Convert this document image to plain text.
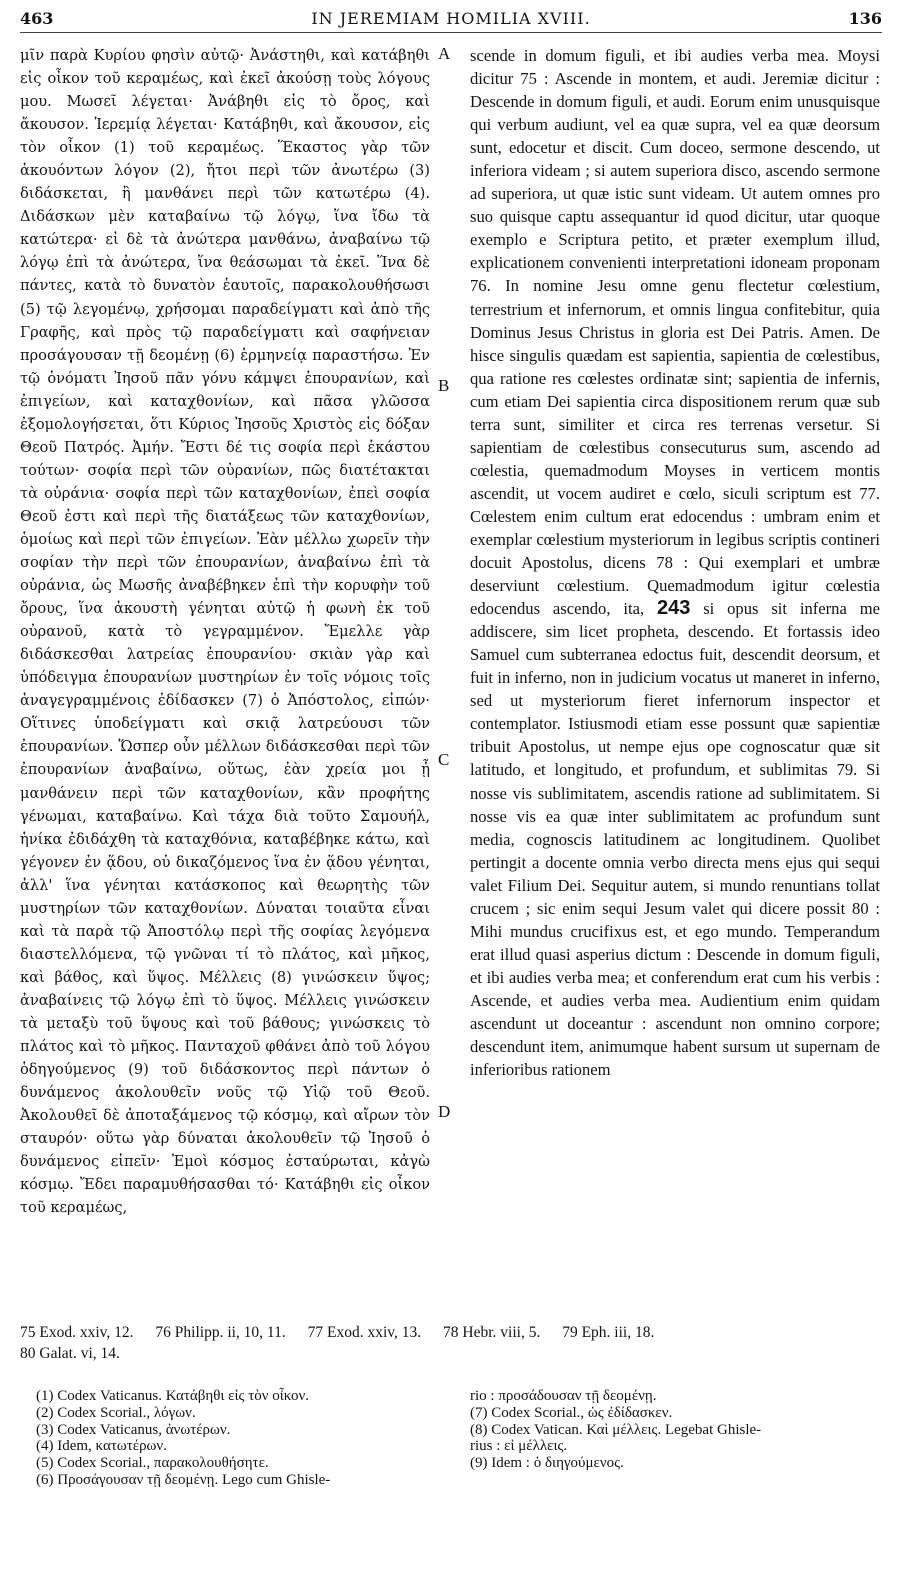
463	IN JEREMIAM HOMILIA XVIII.	136

μῖν παρὰ Κυρίου φησὶν αὐτῷ· Ἀνάστηθι, καὶ κατάβηθι εἰς οἶκον τοῦ κεραμέως, καὶ ἐκεῖ ἀκούσῃ τοὺς λόγους μου. Μωσεῖ λέγεται· Ἀνάβηθι εἰς τὸ ὄρος, καὶ ἄκουσον. Ἱερεμίᾳ λέγεται· Κατάβηθι, καὶ ἄκουσον, εἰς τὸν οἶκον (1) τοῦ κεραμέως. Ἕκαστος γὰρ τῶν ἀκουόντων λόγον (2), ἤτοι περὶ τῶν ἀνωτέρω (3) διδάσκεται, ἢ μανθάνει περὶ τῶν κατωτέρω (4). Διδάσκων μὲν καταβαίνω τῷ λόγῳ, ἵνα ἴδω τὰ κατώτερα· εἰ δὲ τὰ ἀνώτερα μανθάνω, ἀναβαίνω τῷ λόγῳ ἐπὶ τὰ ἀνώτερα, ἵνα θεάσωμαι τὰ ἐκεῖ. Ἵνα δὲ πάντες, κατὰ τὸ δυνατὸν ἑαυτοῖς, παρακολουθήσωσι (5) τῷ λεγομένῳ, χρήσομαι παραδείγματι καὶ ἀπὸ τῆς Γραφῆς, καὶ πρὸς τῷ παραδείγματι καὶ σαφήνειαν προσάγουσαν τῇ δεομένῃ (6) ἑρμηνείᾳ παραστήσω. Ἐν τῷ ὀνόματι Ἰησοῦ πᾶν γόνυ κάμψει ἐπουρανίων, καὶ ἐπιγείων, καὶ καταχθονίων, καὶ πᾶσα γλῶσσα ἐξομολογήσεται, ὅτι Κύριος Ἰησοῦς Χριστὸς εἰς δόξαν Θεοῦ Πατρός. Ἀμήν. Ἔστι δέ τις σοφία περὶ ἑκάστου τούτων· σοφία περὶ τῶν οὐρανίων, πῶς διατέτακται τὰ οὐράνια· σοφία περὶ τῶν καταχθονίων, ἐπεὶ σοφία Θεοῦ ἐστι καὶ περὶ τῆς διατάξεως τῶν καταχθονίων, ὁμοίως καὶ περὶ τῶν ἐπιγείων. Ἐὰν μέλλω χωρεῖν τὴν σοφίαν τὴν περὶ τῶν ἐπουρανίων, ἀναβαίνω ἐπὶ τὰ οὐράνια, ὡς Μωσῆς ἀναβέβηκεν ἐπὶ τὴν κορυφὴν τοῦ ὄρους, ἵνα ἀκουστὴ γένηται αὐτῷ ἡ φωνὴ ἐκ τοῦ οὐρανοῦ, κατὰ τὸ γεγραμμένον. Ἔμελλε γὰρ διδάσκεσθαι λατρείας ἐπουρανίου· σκιὰν γὰρ καὶ ὑπόδειγμα ἐπουρανίων μυστηρίων ἐν τοῖς νόμοις τοῖς ἀναγεγραμμένοις ἐδίδασκεν (7) ὁ Ἀπόστολος, εἰπών· Οἵτινες ὑποδείγματι καὶ σκιᾷ λατρεύουσι τῶν ἐπουρανίων. Ὥσπερ οὖν μέλλων διδάσκεσθαι περὶ τῶν ἐπουρανίων ἀναβαίνω, οὕτως, ἐὰν χρεία μοι ᾖ μανθάνειν περὶ τῶν καταχθονίων, κἂν προφήτης γένωμαι, καταβαίνω. Καὶ τάχα διὰ τοῦτο Σαμουήλ, ἡνίκα ἐδιδάχθη τὰ καταχθόνια, καταβέβηκε κάτω, καὶ γέγονεν ἐν ᾅδου, οὐ δικαζόμενος ἵνα ἐν ᾅδου γένηται, ἀλλ' ἵνα γένηται κατάσκοπος καὶ θεωρητὴς τῶν μυστηρίων τῶν καταχθονίων. Δύναται τοιαῦτα εἶναι καὶ τὰ παρὰ τῷ Ἀποστόλῳ περὶ τῆς σοφίας λεγόμενα διαστελλόμενα, τῷ γνῶναι τί τὸ πλάτος, καὶ μῆκος, καὶ βάθος, καὶ ὕψος. Μέλλεις (8) γινώσκειν ὕψος; ἀναβαίνεις τῷ λόγῳ ἐπὶ τὸ ὕψος. Μέλλεις γινώσκειν τὰ μεταξὺ τοῦ ὕψους καὶ τοῦ βάθους; γινώσκεις τὸ πλάτος καὶ τὸ μῆκος. Πανταχοῦ φθάνει ἀπὸ τοῦ λόγου ὁδηγούμενος (9) τοῦ διδάσκοντος περὶ πάντων ὁ δυνάμενος ἀκολουθεῖν νοῦς τῷ Υἱῷ τοῦ Θεοῦ. Ἀκολουθεῖ δὲ ἀποταξάμενος τῷ κόσμῳ, καὶ αἴρων τὸν σταυρόν· οὕτω γὰρ δύναται ἀκολουθεῖν τῷ Ἰησοῦ ὁ δυνάμενος εἰπεῖν· Ἐμοὶ κόσμος ἐσταύρωται, κἀγὼ κόσμῳ. Ἔδει παραμυθήσασθαι τό· Κατάβηθι εἰς οἶκον τοῦ κεραμέως,

A
B
C
D

scende in domum figuli, et ibi audies verba mea. Moysi dicitur 75 : Ascende in montem, et audi. Jeremiæ dicitur : Descende in domum figuli, et audi. Eorum enim unusquisque qui verbum audiunt, vel ea quæ supra, vel ea quæ deorsum sunt, edocetur et discit. Cum doceo, sermone descendo, ut inferiora videam ; si autem superiora disco, ascendo sermone ad superiora, ut quæ istic sunt videam. Ut autem omnes pro suo quisque captu assequantur id quod dicitur, utar quoque exemplo e Scriptura petito, et præter exemplum illud, explicationem convenienti interpretationi idoneam proponam 76. In nomine Jesu omne genu flectetur cœlestium, terrestrium et infernorum, et omnis lingua confitebitur, quia Dominus Jesus Christus in gloria est Dei Patris. Amen. De hisce singulis quædam est sapientia, sapientia de cœlestibus, qua ratione res cœlestes ordinatæ sint; sapientia de infernis, cum etiam Dei sapientia circa dispositionem rerum quæ sub terra sunt, similiter et circa res terrenas versetur. Si sapientiam de cœlestibus consecuturus sum, ascendo ad cœlestia, quemadmodum Moyses in verticem montis ascendit, ut vocem audiret e cœlo, siculi scriptum est 77. Cœlestem enim cultum erat edocendus : umbram enim et exemplar cœlestium mysteriorum in legibus scriptis contineri docuit Apostolus, dicens 78 : Qui exemplari et umbræ deserviunt cœlestium. Quemadmodum igitur cœlestia edocendus ascendo, ita, 243 si opus sit inferna me addiscere, sim licet propheta, descendo. Et fortassis ideo Samuel cum subterranea edoctus fuit, descendit deorsum, et fuit in inferno, non in judicium vocatus ut maneret in inferno, sed ut mysteriorum fieret infernorum inspector et contemplator. Istiusmodi etiam esse possunt quæ sapientiæ tribuit Apostolus, ut nempe ejus ope cognoscatur quæ sit latitudo, et longitudo, et profundum, et sublimitas 79. Si nosse vis sublimitatem, ascendis ratione ad sublimitatem. Si nosse vis ea quæ inter sublimitatem ac profundum sunt media, cognoscis latitudinem ac longitudinem. Quolibet pertingit a docente omnia verbo directa mens ejus qui sequi valet Filium Dei. Sequitur autem, si mundo renuntians tollat crucem ; sic enim sequi Jesum valet qui dicere possit 80 : Mihi mundus crucifixus est, et ego mundo. Temperandum erat illud quasi asperius dictum : Descende in domum figuli, et ibi audies verba mea; et conferendum erat cum his verbis : Ascende, et audies verba mea. Audientium enim quidam ascendunt ut doceantur : ascendunt non omnino corpore; descendunt item, animumque habent sursum ut supernam de inferioribus rationem

75 Exod. xxiv, 12. 76 Philipp. ii, 10, 11. 77 Exod. xxiv, 13. 78 Hebr. viii, 5. 79 Eph. iii, 18.
80 Galat. vi, 14.
(1) Codex Vaticanus. Κατάβηθι εἰς τὸν οἶκον.
(2) Codex Scorial., λόγων.
(3) Codex Vaticanus, ἀνωτέρων.
(4) Idem, κατωτέρων.
(5) Codex Scorial., παρακολουθήσητε.
(6) Προσάγουσαν τῇ δεομένῃ. Lego cum Ghisle-
rio : προσάδουσαν τῇ δεομένῃ.
(7) Codex Scorial., ὡς ἐδίδασκεν.
(8) Codex Vatican. Καὶ μέλλεις. Legebat Ghisle-
rius : εἰ μέλλεις.
(9) Idem : ὁ διηγούμενος.
